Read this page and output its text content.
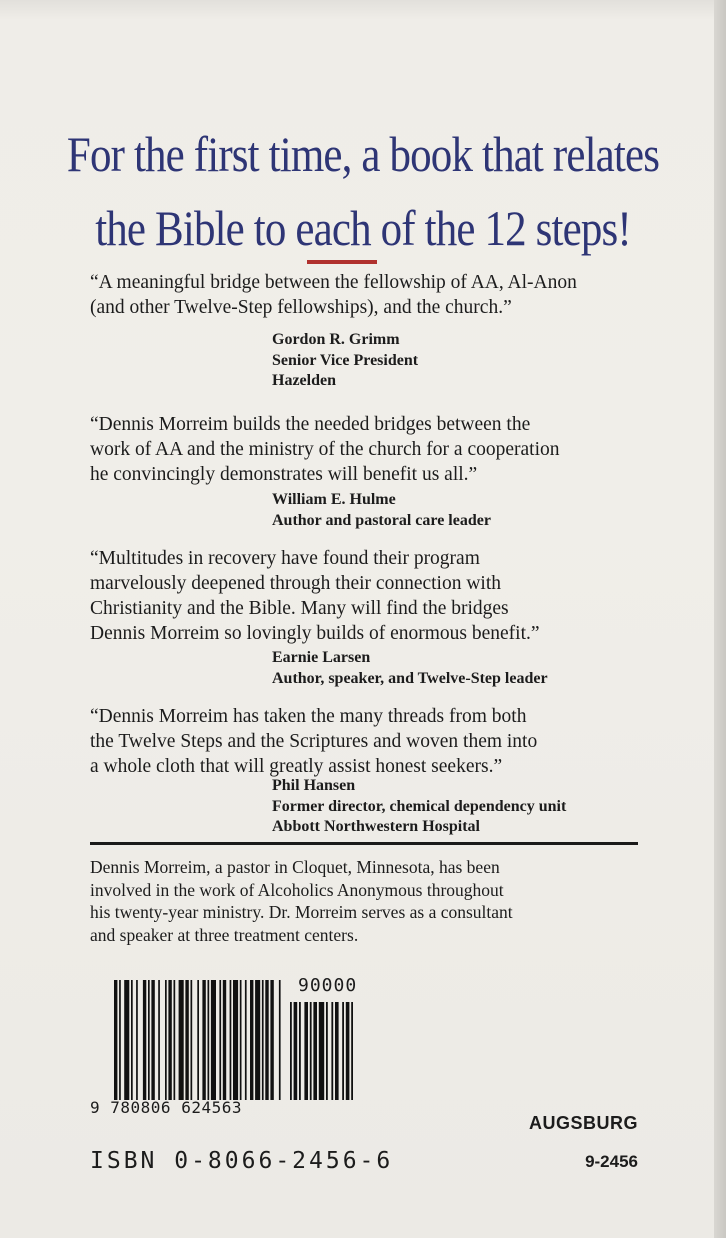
For the first time, a book that relates
the Bible to each of the 12 steps!
“A meaningful bridge between the fellowship of AA, Al-Anon
(and other Twelve-Step fellowships), and the church.”
Gordon R. Grimm
Senior Vice President
Hazelden
“Dennis Morreim builds the needed bridges between the
work of AA and the ministry of the church for a cooperation
he convincingly demonstrates will benefit us all.”
William E. Hulme
Author and pastoral care leader
“Multitudes in recovery have found their program
marvelously deepened through their connection with
Christianity and the Bible. Many will find the bridges
Dennis Morreim so lovingly builds of enormous benefit.”
Earnie Larsen
Author, speaker, and Twelve-Step leader
“Dennis Morreim has taken the many threads from both
the Twelve Steps and the Scriptures and woven them into
a whole cloth that will greatly assist honest seekers.”
Phil Hansen
Former director, chemical dependency unit
Abbott Northwestern Hospital
Dennis Morreim, a pastor in Cloquet, Minnesota, has been
involved in the work of Alcoholics Anonymous throughout
his twenty-year ministry. Dr. Morreim serves as a consultant
and speaker at three treatment centers.
90000
9 780806 624563
ISBN 0-8066-2456-6
AUGSBURG
9-2456
